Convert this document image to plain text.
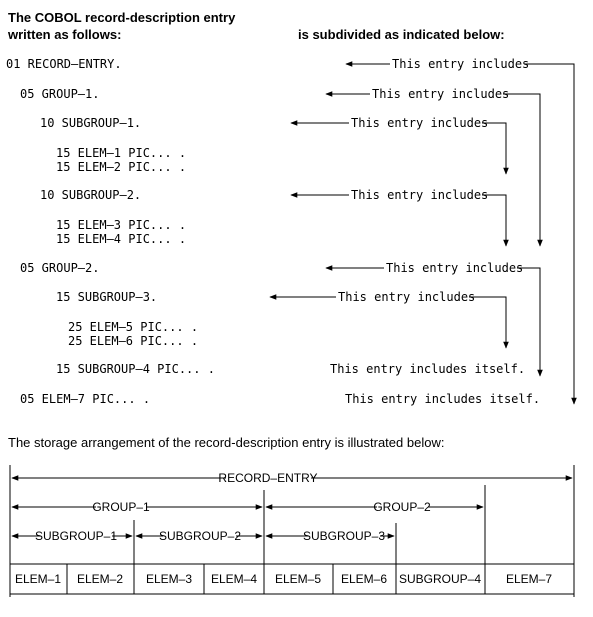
The COBOL record-description entry
written as follows:	is subdivided as indicated below:
01 RECORD–ENTRY.
05 GROUP–1.
10 SUBGROUP–1.
15 ELEM–1 PIC... .
15 ELEM–2 PIC... .
10 SUBGROUP–2.
15 ELEM–3 PIC... .
15 ELEM–4 PIC... .
05 GROUP–2.
15 SUBGROUP–3.
25 ELEM–5 PIC... .
25 ELEM–6 PIC... .
15 SUBGROUP–4 PIC... .
05 ELEM–7 PIC... .
This entry includes
This entry includes
This entry includes
This entry includes
This entry includes
This entry includes
This entry includes itself.
This entry includes itself.
The storage arrangement of the record-description entry is illustrated below:
RECORD–ENTRY
GROUP–1	GROUP–2
SUBGROUP–1	SUBGROUP–2	SUBGROUP–3
ELEM–1 ELEM–2 ELEM–3 ELEM–4 ELEM–5 ELEM–6 SUBGROUP–4 ELEM–7
